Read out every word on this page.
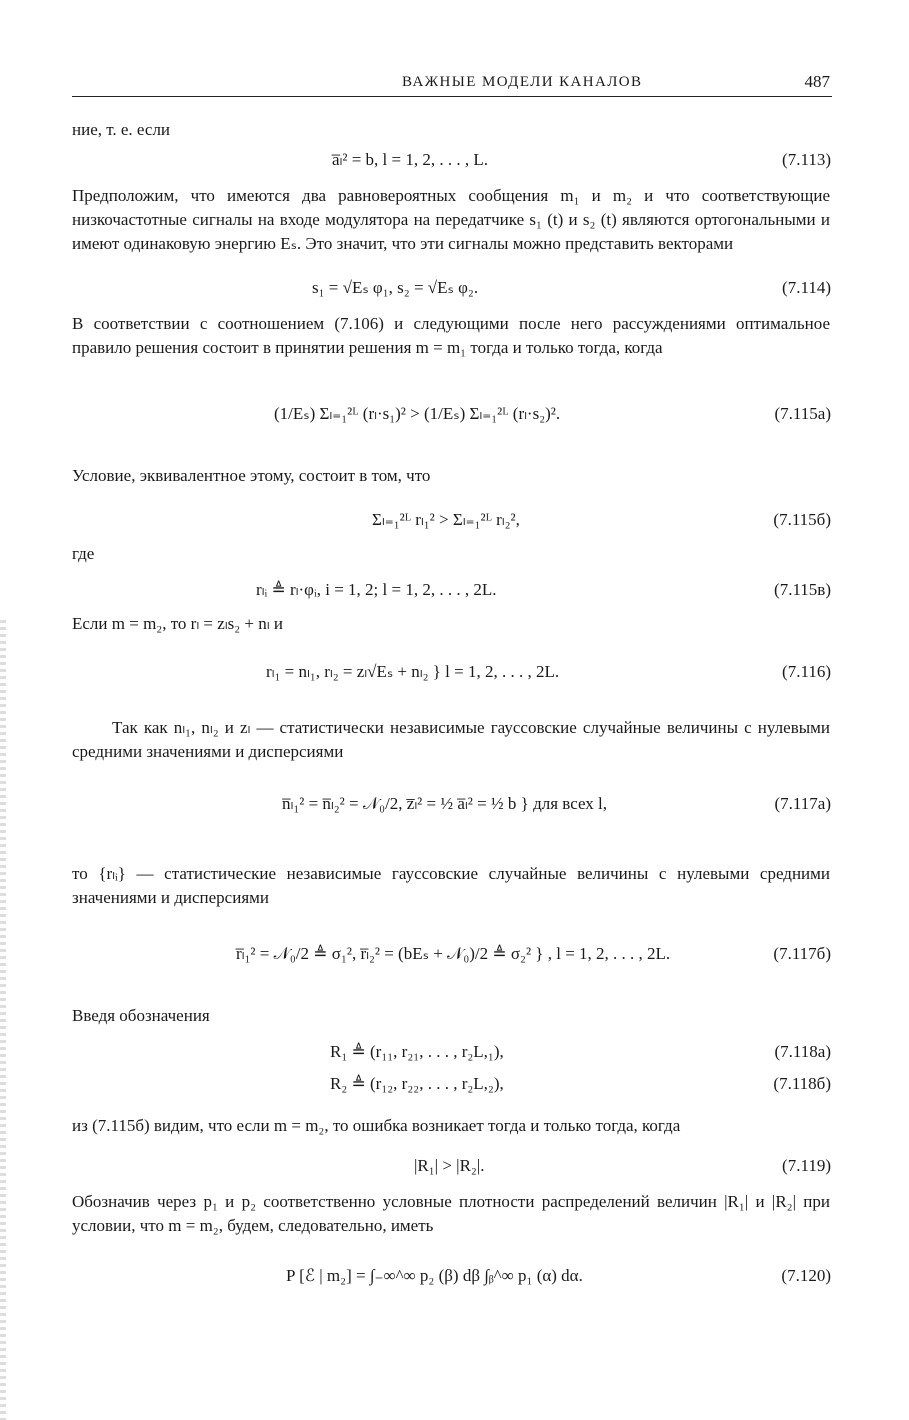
ВАЖНЫЕ МОДЕЛИ КАНАЛОВ	487

ние, т. е. если

a̅ₗ² = b, l = 1, 2, . . . , L.	(7.113)

Предположим, что имеются два равновероятных сообщения m₁ и m₂ и что соответствующие низкочастотные сигналы на входе модулятора на передатчике s₁ (t) и s₂ (t) являются ортогональными и имеют одинаковую энергию Eₛ. Это значит, что эти сигналы можно представить векторами

s₁ = √Eₛ φ₁, s₂ = √Eₛ φ₂.	(7.114)

В соответствии с соотношением (7.106) и следующими после него рассуждениями оптимальное правило решения состоит в принятии решения m = m₁ тогда и только тогда, когда

(1/Eₛ) Σₗ₌₁²ᴸ (rₗ·s₁)² > (1/Eₛ) Σₗ₌₁²ᴸ (rₗ·s₂)².	(7.115а)

Условие, эквивалентное этому, состоит в том, что

Σₗ₌₁²ᴸ rₗ₁² > Σₗ₌₁²ᴸ rₗ₂²,	(7.115б)

где

rₗᵢ ≜ rₗ·φᵢ, i = 1, 2; l = 1, 2, . . . , 2L.	(7.115в)

Если m = m₂, то rₗ = zₗs₂ + nₗ и

rₗ₁ = nₗ₁, rₗ₂ = zₗ√Eₛ + nₗ₂ } l = 1, 2, . . . , 2L.	(7.116)

Так как nₗ₁, nₗ₂ и zₗ — статистически независимые гауссовские случайные величины с нулевыми средними значениями и дисперсиями

n̅ₗ₁² = n̅ₗ₂² = 𝒩₀/2, z̅ₗ² = ½ a̅ₗ² = ½ b } для всех l,	(7.117а)

то {rₗᵢ} — статистические независимые гауссовские случайные величины с нулевыми средними значениями и дисперсиями

r̅ₗ₁² = 𝒩₀/2 ≜ σ₁², r̅ₗ₂² = (bEₛ + 𝒩₀)/2 ≜ σ₂² } , l = 1, 2, . . . , 2L.	(7.117б)

Введя обозначения

R₁ ≜ (r₁₁, r₂₁, . . . , r₂L,₁),	(7.118а)
R₂ ≜ (r₁₂, r₂₂, . . . , r₂L,₂),	(7.118б)

из (7.115б) видим, что если m = m₂, то ошибка возникает тогда и только тогда, когда

|R₁| > |R₂|.	(7.119)

Обозначив через p₁ и p₂ соответственно условные плотности распределений величин |R₁| и |R₂| при условии, что m = m₂, будем, следовательно, иметь

P [ℰ | m₂] = ∫₋∞^∞ p₂ (β) dβ ∫ᵦ^∞ p₁ (α) dα.	(7.120)
